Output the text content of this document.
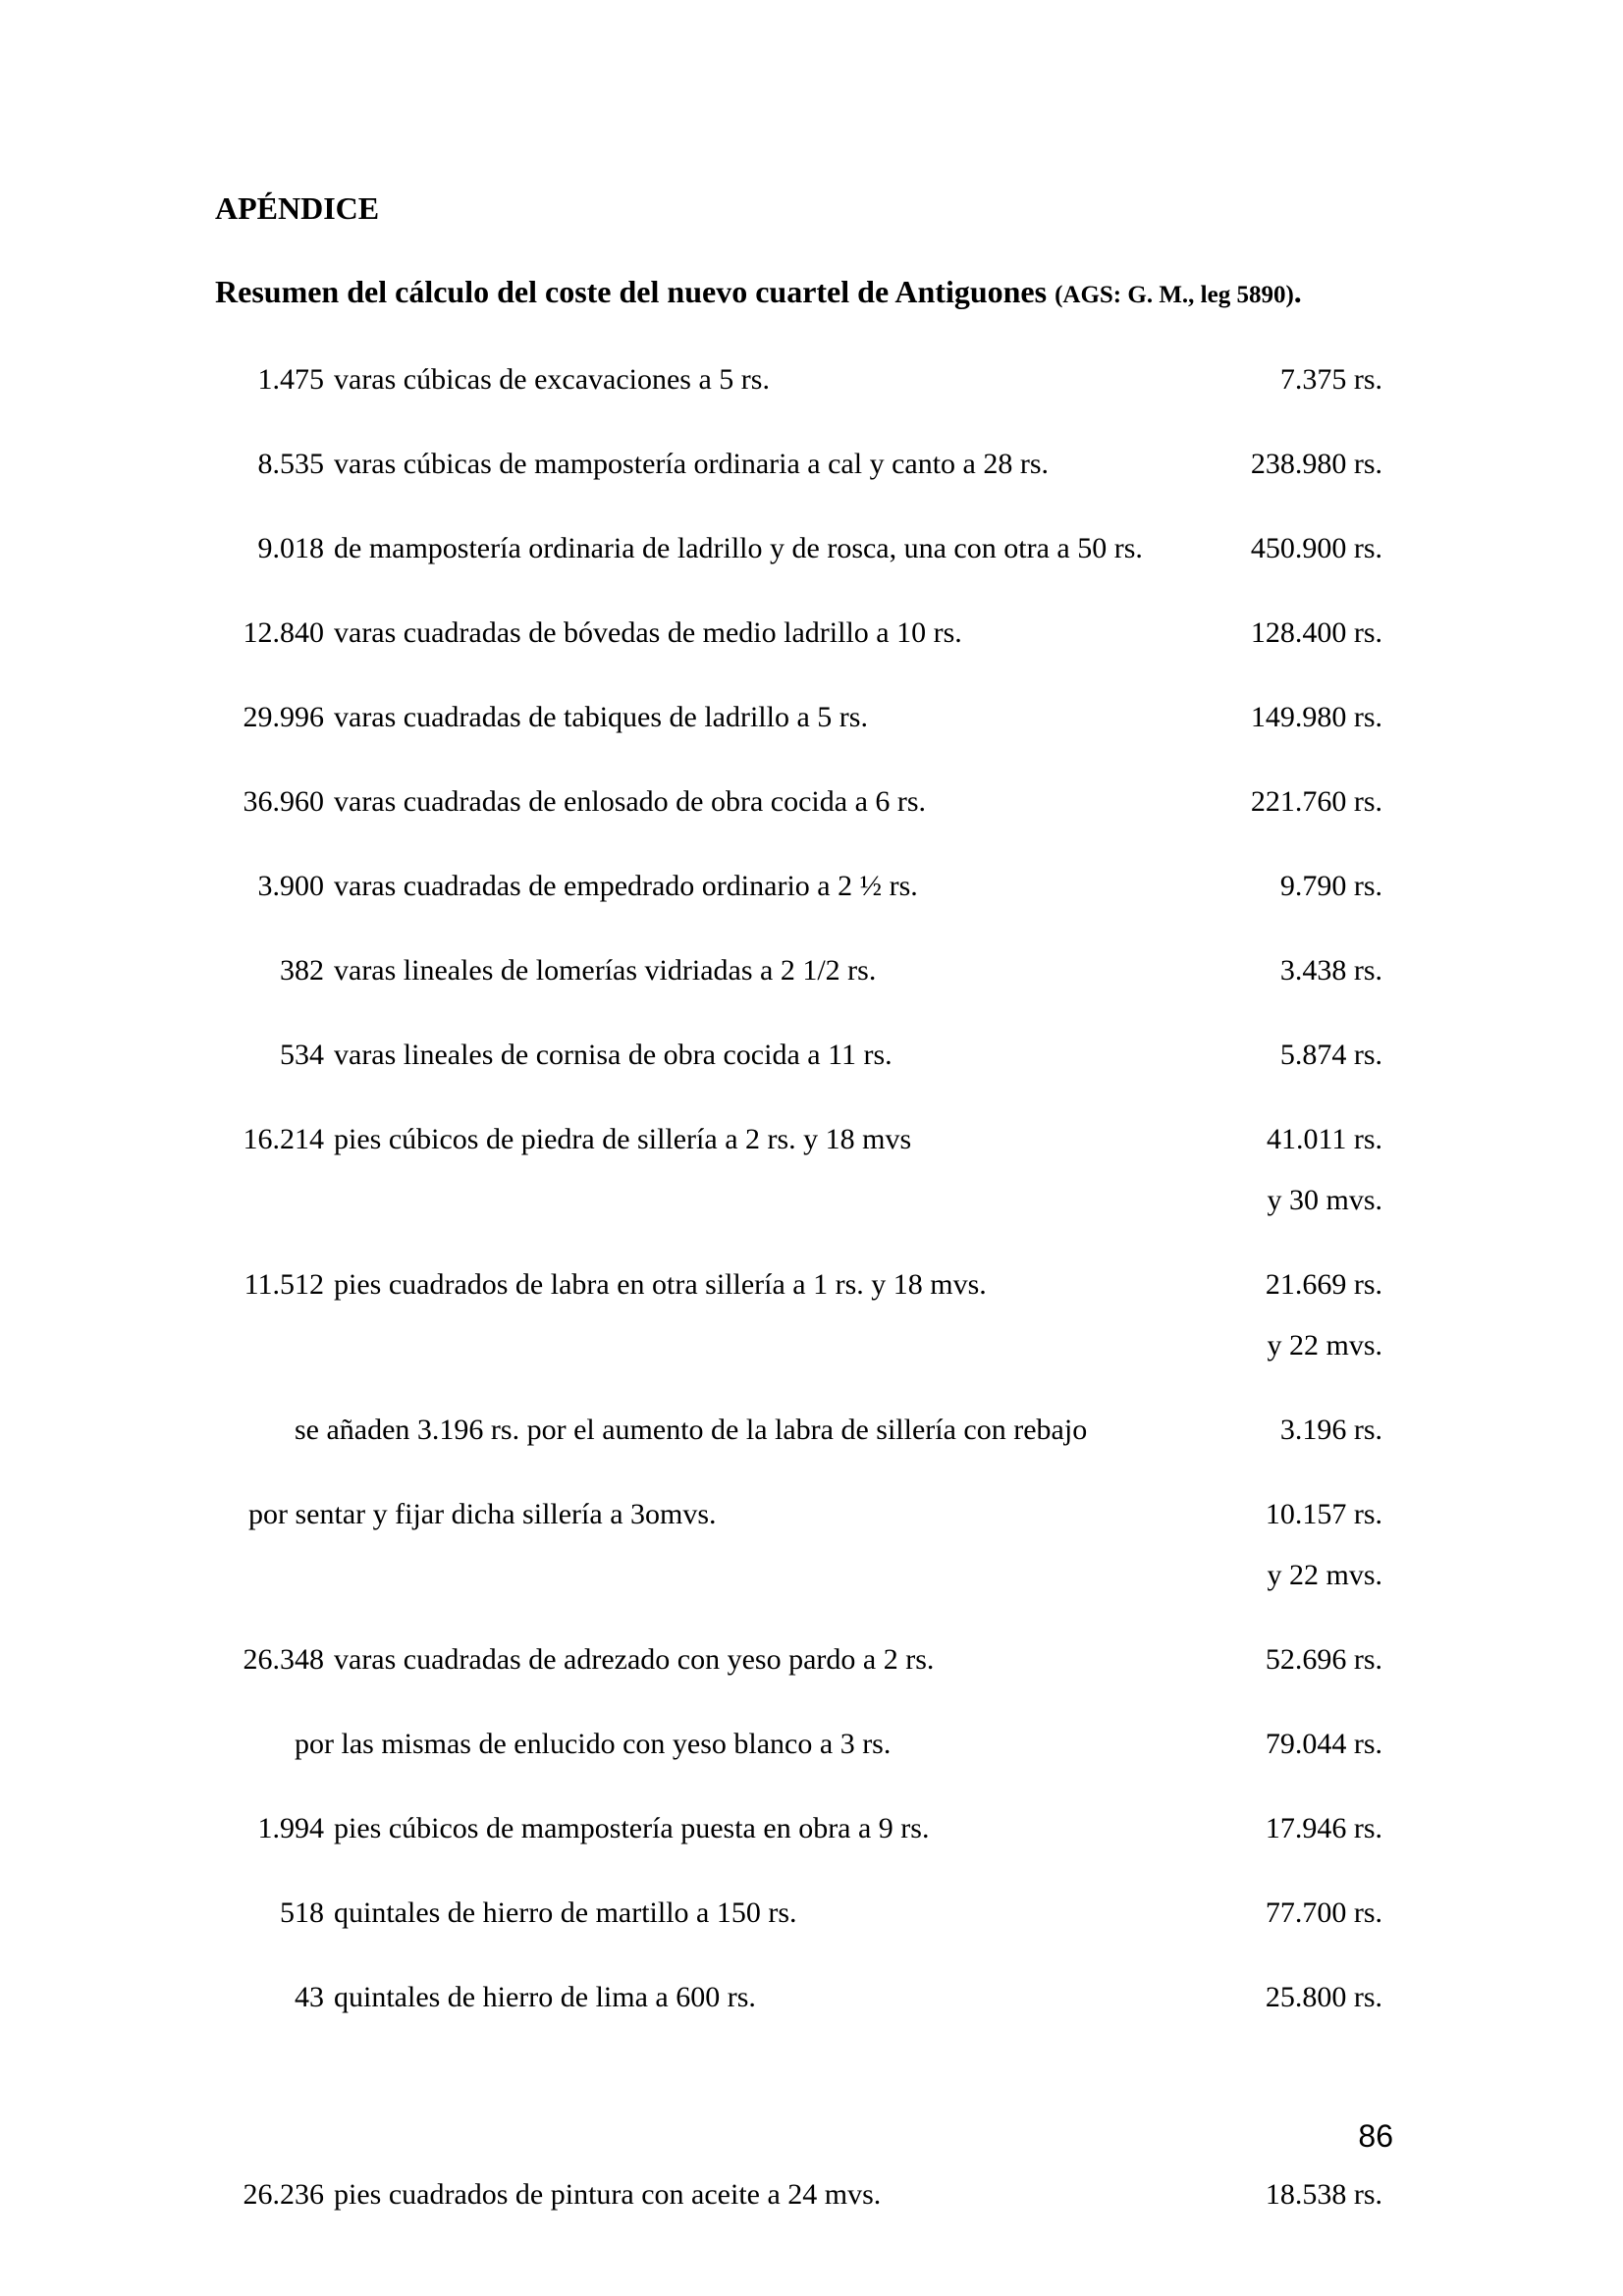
APÉNDICE

Resumen del cálculo del coste del nuevo cuartel de Antiguones (AGS: G. M., leg 5890).

1.475 varas cúbicas de excavaciones a 5 rs.	7.375 rs.
8.535 varas cúbicas de mampostería ordinaria a cal y canto a 28 rs.	238.980 rs.
9.018 de mampostería ordinaria de ladrillo y de rosca, una con otra a 50 rs.	450.900 rs.
12.840 varas cuadradas de bóvedas de medio ladrillo a 10 rs.	128.400 rs.
29.996 varas cuadradas de tabiques de ladrillo a 5 rs.	149.980 rs.
36.960 varas cuadradas de enlosado de obra cocida a 6 rs.	221.760 rs.
3.900 varas cuadradas de empedrado ordinario a 2 ½ rs.	9.790 rs.
382 varas lineales de lomerías vidriadas a 2 1/2 rs.	3.438 rs.
534 varas lineales de cornisa de obra cocida a 11 rs.	5.874 rs.
16.214 pies cúbicos de piedra de sillería a 2 rs. y 18 mvs	41.011 rs.
y 30 mvs.
11.512 pies cuadrados de labra en otra sillería a 1 rs. y 18 mvs.	21.669 rs.
y 22 mvs.
se añaden 3.196 rs. por el aumento de la labra de sillería con rebajo	3.196 rs.
por sentar y fijar dicha sillería a 3omvs.	10.157 rs.
y 22 mvs.
26.348 varas cuadradas de adrezado con yeso pardo a 2 rs.	52.696 rs.
por las mismas de enlucido con yeso blanco a 3 rs.	79.044 rs.
1.994 pies cúbicos de mampostería puesta en obra a 9 rs.	17.946 rs.
518 quintales de hierro de martillo a 150 rs.	77.700 rs.
43 quintales de hierro de lima a 600 rs.	25.800 rs.
26.236 pies cuadrados de pintura con aceite a 24 mvs.	18.538 rs.
86
